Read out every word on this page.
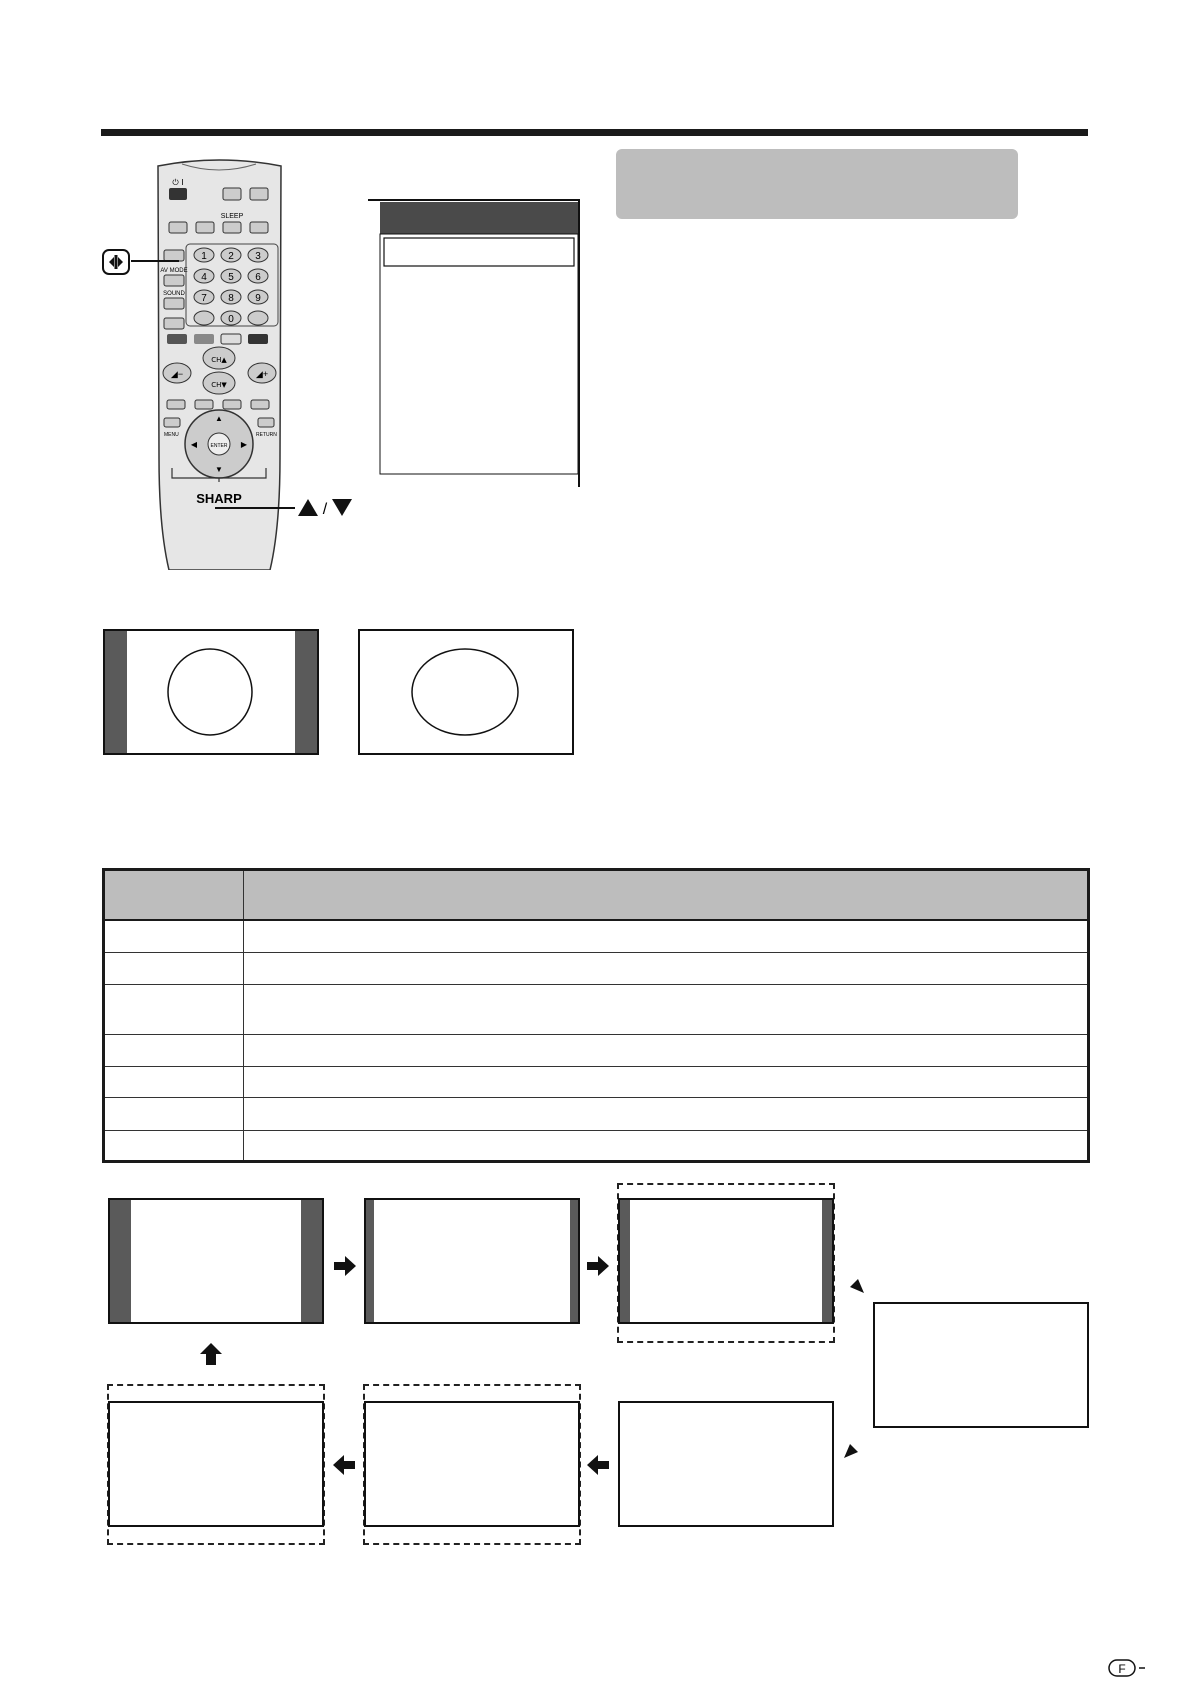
⏻ I
SLEEP
AV MODE
SOUND
1 2 3
4 5 6
7 8 9
0
◢+
◢−
CH▲
CH▼
MENU	RETURN
ENTER
▲
▼
◀	▶
SHARP
/

F
